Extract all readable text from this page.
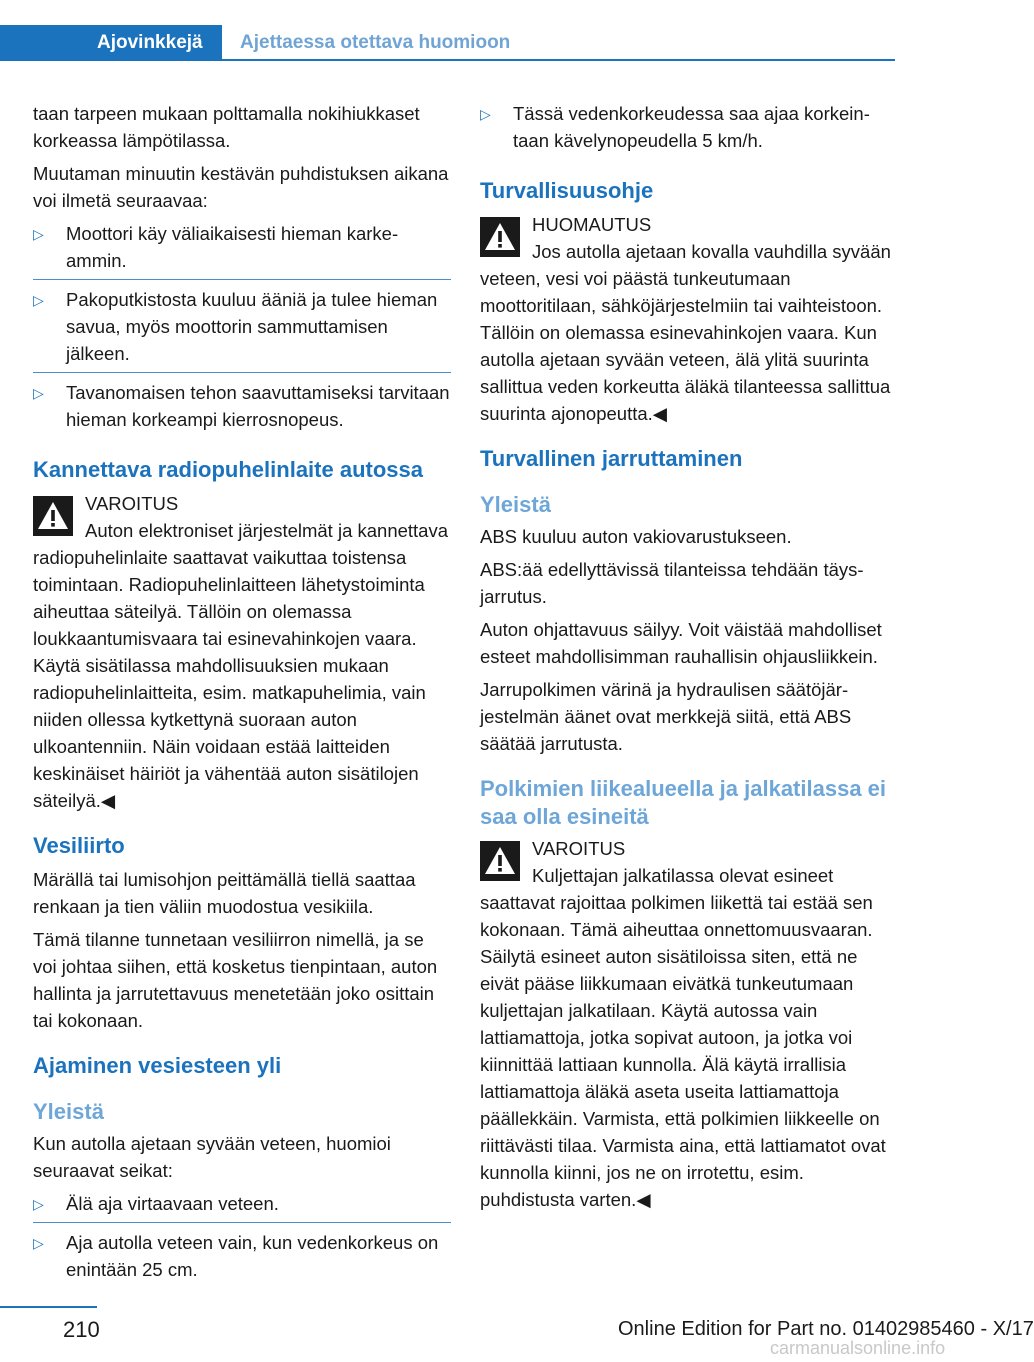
Ajovinkkejä	Ajettaessa otettava huomioon

taan tarpeen mukaan polttamalla nokihiukkaset korkeassa lämpötilassa.

Muutaman minuutin kestävän puhdistuksen aikana voi ilmetä seuraavaa:

▷ Moottori käy väliaikaisesti hieman karkeammin.
▷ Pakoputkistosta kuuluu ääniä ja tulee hieman savua, myös moottorin sammuttamisen jälkeen.
▷ Tavanomaisen tehon saavuttamiseksi tarvitaan hieman korkeampi kierrosnopeus.
Kannettava radiopuhelinlaite autossa
VAROITUS
Auton elektroniset järjestelmät ja kannettava radiopuhelinlaite saattavat vaikuttaa toistensa toimintaan. Radiopuhelinlaitteen lähetystoiminta aiheuttaa säteilyä. Tällöin on olemassa loukkaantumisvaara tai esinevahinkojen vaara. Käytä sisätilassa mahdollisuuksien mukaan radiopuhelinlaitteita, esim. matkapuhelimia, vain niiden ollessa kytkettynä suoraan auton ulkoantenniin. Näin voidaan estää laitteiden keskinäiset häiriöt ja vähentää auton sisätilojen säteilyä.◀
Vesiliirto

Märällä tai lumisohjon peittämällä tiellä saattaa renkaan ja tien väliin muodostua vesikiila.

Tämä tilanne tunnetaan vesiliirron nimellä, ja se voi johtaa siihen, että kosketus tienpintaan, auton hallinta ja jarrutettavuus menetetään joko osittain tai kokonaan.

Ajaminen vesiesteen yli
Yleistä

Kun autolla ajetaan syvään veteen, huomioi seuraavat seikat:

▷ Älä aja virtaavaan veteen.
▷ Aja autolla veteen vain, kun vedenkorkeus on enintään 25 cm.
▷ Tässä vedenkorkeudessa saa ajaa korkeintaan kävelynopeudella 5 km/h.
Turvallisuusohje
HUOMAUTUS
Jos autolla ajetaan kovalla vauhdilla syvään veteen, vesi voi päästä tunkeutumaan moottoritilaan, sähköjärjestelmiin tai vaihteistoon. Tällöin on olemassa esinevahinkojen vaara. Kun autolla ajetaan syvään veteen, älä ylitä suurinta sallittua veden korkeutta äläkä tilanteessa sallittua suurinta ajonopeutta.◀
Turvallinen jarruttaminen
Yleistä

ABS kuuluu auton vakiovarustukseen.

ABS:ää edellyttävissä tilanteissa tehdään täysjarrutus.

Auton ohjattavuus säilyy. Voit väistää mahdolliset esteet mahdollisimman rauhallisin ohjausliikkein.

Jarrupolkimen värinä ja hydraulisen säätöjärjestelmän äänet ovat merkkejä siitä, että ABS säätää jarrutusta.

Polkimien liikealueella ja jalkatilassa ei saa olla esineitä
VAROITUS
Kuljettajan jalkatilassa olevat esineet saattavat rajoittaa polkimen liikettä tai estää sen kokonaan. Tämä aiheuttaa onnettomuusvaaran. Säilytä esineet auton sisätiloissa siten, että ne eivät pääse liikkumaan eivätkä tunkeutumaan kuljettajan jalkatilaan. Käytä autossa vain lattiamattoja, jotka sopivat autoon, ja jotka voi kiinnittää lattiaan kunnolla. Älä käytä irrallisia lattiamattoja äläkä aseta useita lattiamattoja päällekkäin. Varmista, että polkimien liikkeelle on riittävästi tilaa. Varmista aina, että lattiamatot ovat kunnolla kiinni, jos ne on irrotettu, esim. puhdistusta varten.◀
210	Online Edition for Part no. 01402985460 - X/17
carmanualsonline.info
